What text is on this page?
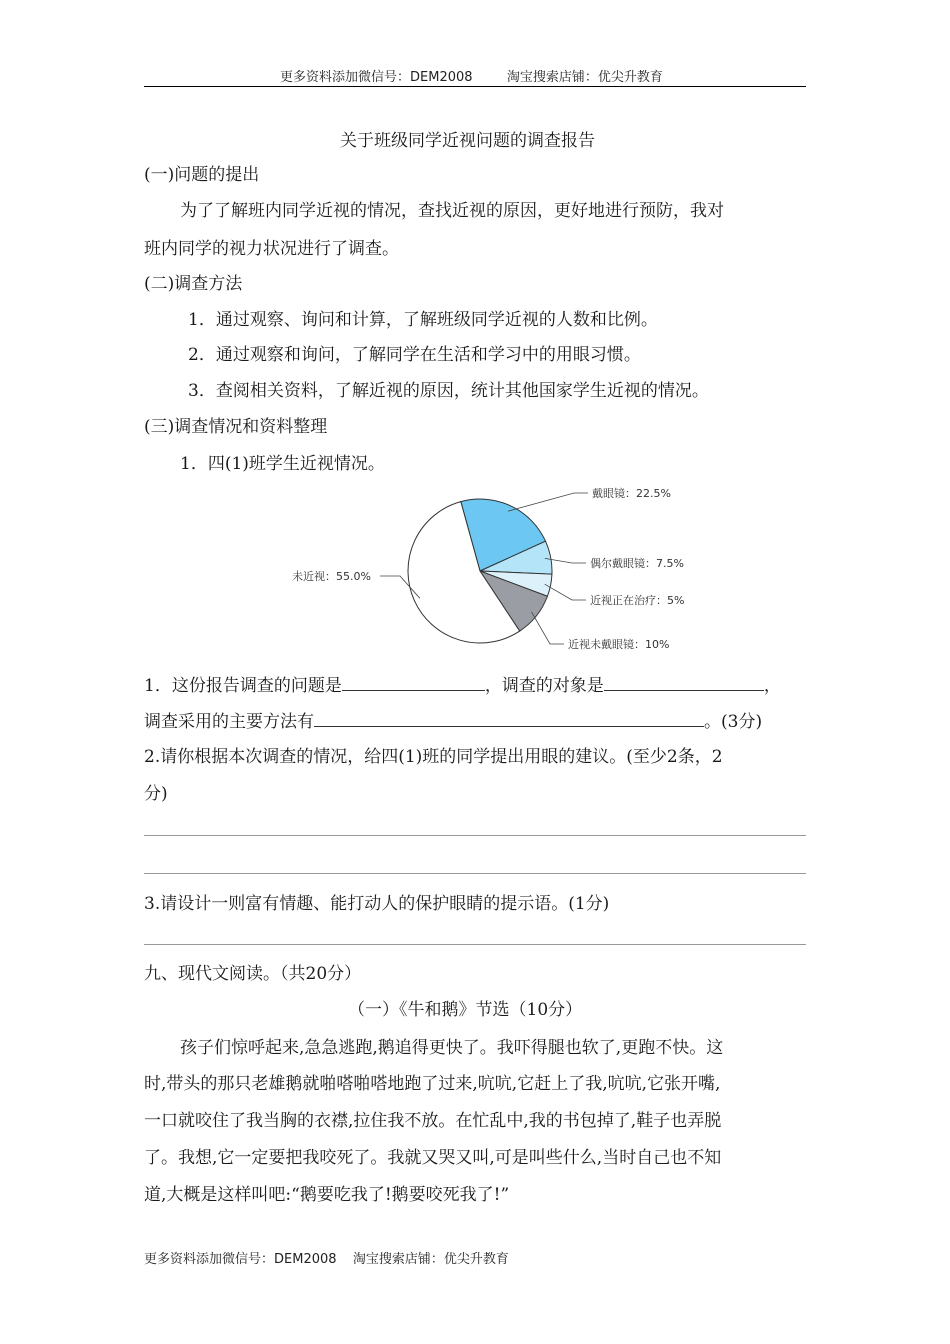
更多资料添加微信号：DEM2008	淘宝搜索店铺：优尖升教育
关于班级同学近视问题的调查报告
(一)问题的提出
为了了解班内同学近视的情况，查找近视的原因，更好地进行预防，我对
班内同学的视力状况进行了调查。
(二)调查方法
1．通过观察、询问和计算，了解班级同学近视的人数和比例。
2．通过观察和询问，了解同学在生活和学习中的用眼习惯。
3．查阅相关资料，了解近视的原因，统计其他国家学生近视的情况。
(三)调查情况和资料整理
1．四(1)班学生近视情况。
戴眼镜：22.5%
偶尔戴眼镜：7.5%
近视正在治疗：5%
近视未戴眼镜：10%
未近视：55.0%
1．这份报告调查的问题是	，调查的对象是	，
调查采用的主要方法有	。(3分)
2.请你根据本次调查的情况，给四(1)班的同学提出用眼的建议。(至少2条，2
分)
3.请设计一则富有情趣、能打动人的保护眼睛的提示语。(1分)
九、现代文阅读。（共20分）
（一）《牛和鹅》节选（10分）
孩子们惊呼起来,急急逃跑,鹅追得更快了。我吓得腿也软了,更跑不快。这
时,带头的那只老雄鹅就啪嗒啪嗒地跑了过来,吭吭,它赶上了我,吭吭,它张开嘴,
一口就咬住了我当胸的衣襟,拉住我不放。在忙乱中,我的书包掉了,鞋子也弄脱
了。我想,它一定要把我咬死了。我就又哭又叫,可是叫些什么,当时自己也不知
道,大概是这样叫吧:“鹅要吃我了!鹅要咬死我了!”
更多资料添加微信号：DEM2008 淘宝搜索店铺：优尖升教育
